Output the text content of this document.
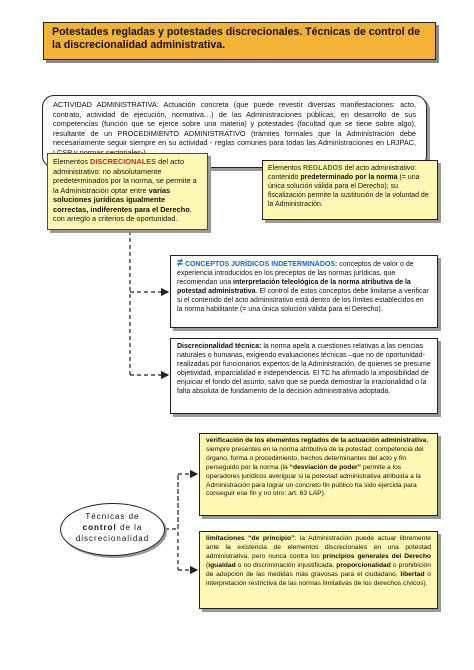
Potestades regladas y potestades discrecionales. Técnicas de control de la discrecionalidad administrativa.
ACTIVIDAD ADMINISTRATIVA: Actuación concreta (que puede revestir diversas manifestaciones: acto, contrato, actividad de ejecución, normativa…) de las Administraciones públicas, en desarrollo de sus competencias (función que se ejerce sobre una materia) y potestades (facultad que se tiene sobre algo), resultante de un PROCEDIMIENTO ADMINISTRATIVO (trámites formales que la Administración debe necesariamente seguir siempre en su actividad - reglas comunes para todas las Administraciones en LRJPAC,
Elementos DISCRECIONALES del acto administrativo: no absolutamente predeterminados por la norma, se permite a la Administración optar entre varias soluciones jurídicas igualmente correctas, indiferentes para el Derecho, con arreglo a criterios de oportunidad.
Elementos REGLADOS del acto administrativo: contenido predeterminado por la norma (= una única solución válida para el Derecho); su fiscalización permite la sustitución de la voluntad de la Administración.
≠ CONCEPTOS JURÍDICOS INDETERMINADOS: conceptos de valor o de experiencia introducidos en los preceptos de las normas jurídicas, que recomiendan una interpretación teleológica de la norma atributiva de la potestad administrativa. El control de estos conceptos debe limitarse a verificar si el contenido del acto administrativo está dentro de los límites establecidos en la norma habilitante (= una única solución válida para el Derecho).
Discrecionalidad técnica: la norma apela a cuestiones relativas a las ciencias naturales o humanas, exigiendo evaluaciones técnicas –que no de oportunidad- realizadas por funcionarios expertos de la Administración, de quienes se presume objetividad, imparcialidad e independencia. El TC ha afirmado la imposibilidad de enjuiciar el fondo del asunto, salvo que se pueda demostrar la irracionalidad o la falta absoluta de fundamento de la decisión administrativa adoptada.
Técnicas de
control de la
discrecionalidad
verificación de los elementos reglados de la actuación administrativa, siempre presentes en la norma atributiva de la potestad: competencia del órgano, forma o procedimiento, hechos determinantes del acto y fin perseguido por la norma (la “desviación de poder” permite a los operadores jurídicos averiguar si la potestad administrativa atribuida a la Administración para lograr un concreto fin público ha sido ejercida para conseguir ese fin y no otro: art. 63 LAP).
limitaciones “de principio”: la Administración puede actuar libremente ante la existencia de elementos discrecionales en una potestad administrativa, pero nunca contra los principios generales del Derecho (igualdad o no discriminación injustificada, proporcionalidad o prohibición de adopción de las medidas más gravosas para el ciudadano, libertad o interpretación restrictiva de las normas limitativas de los derechos cívicos).
